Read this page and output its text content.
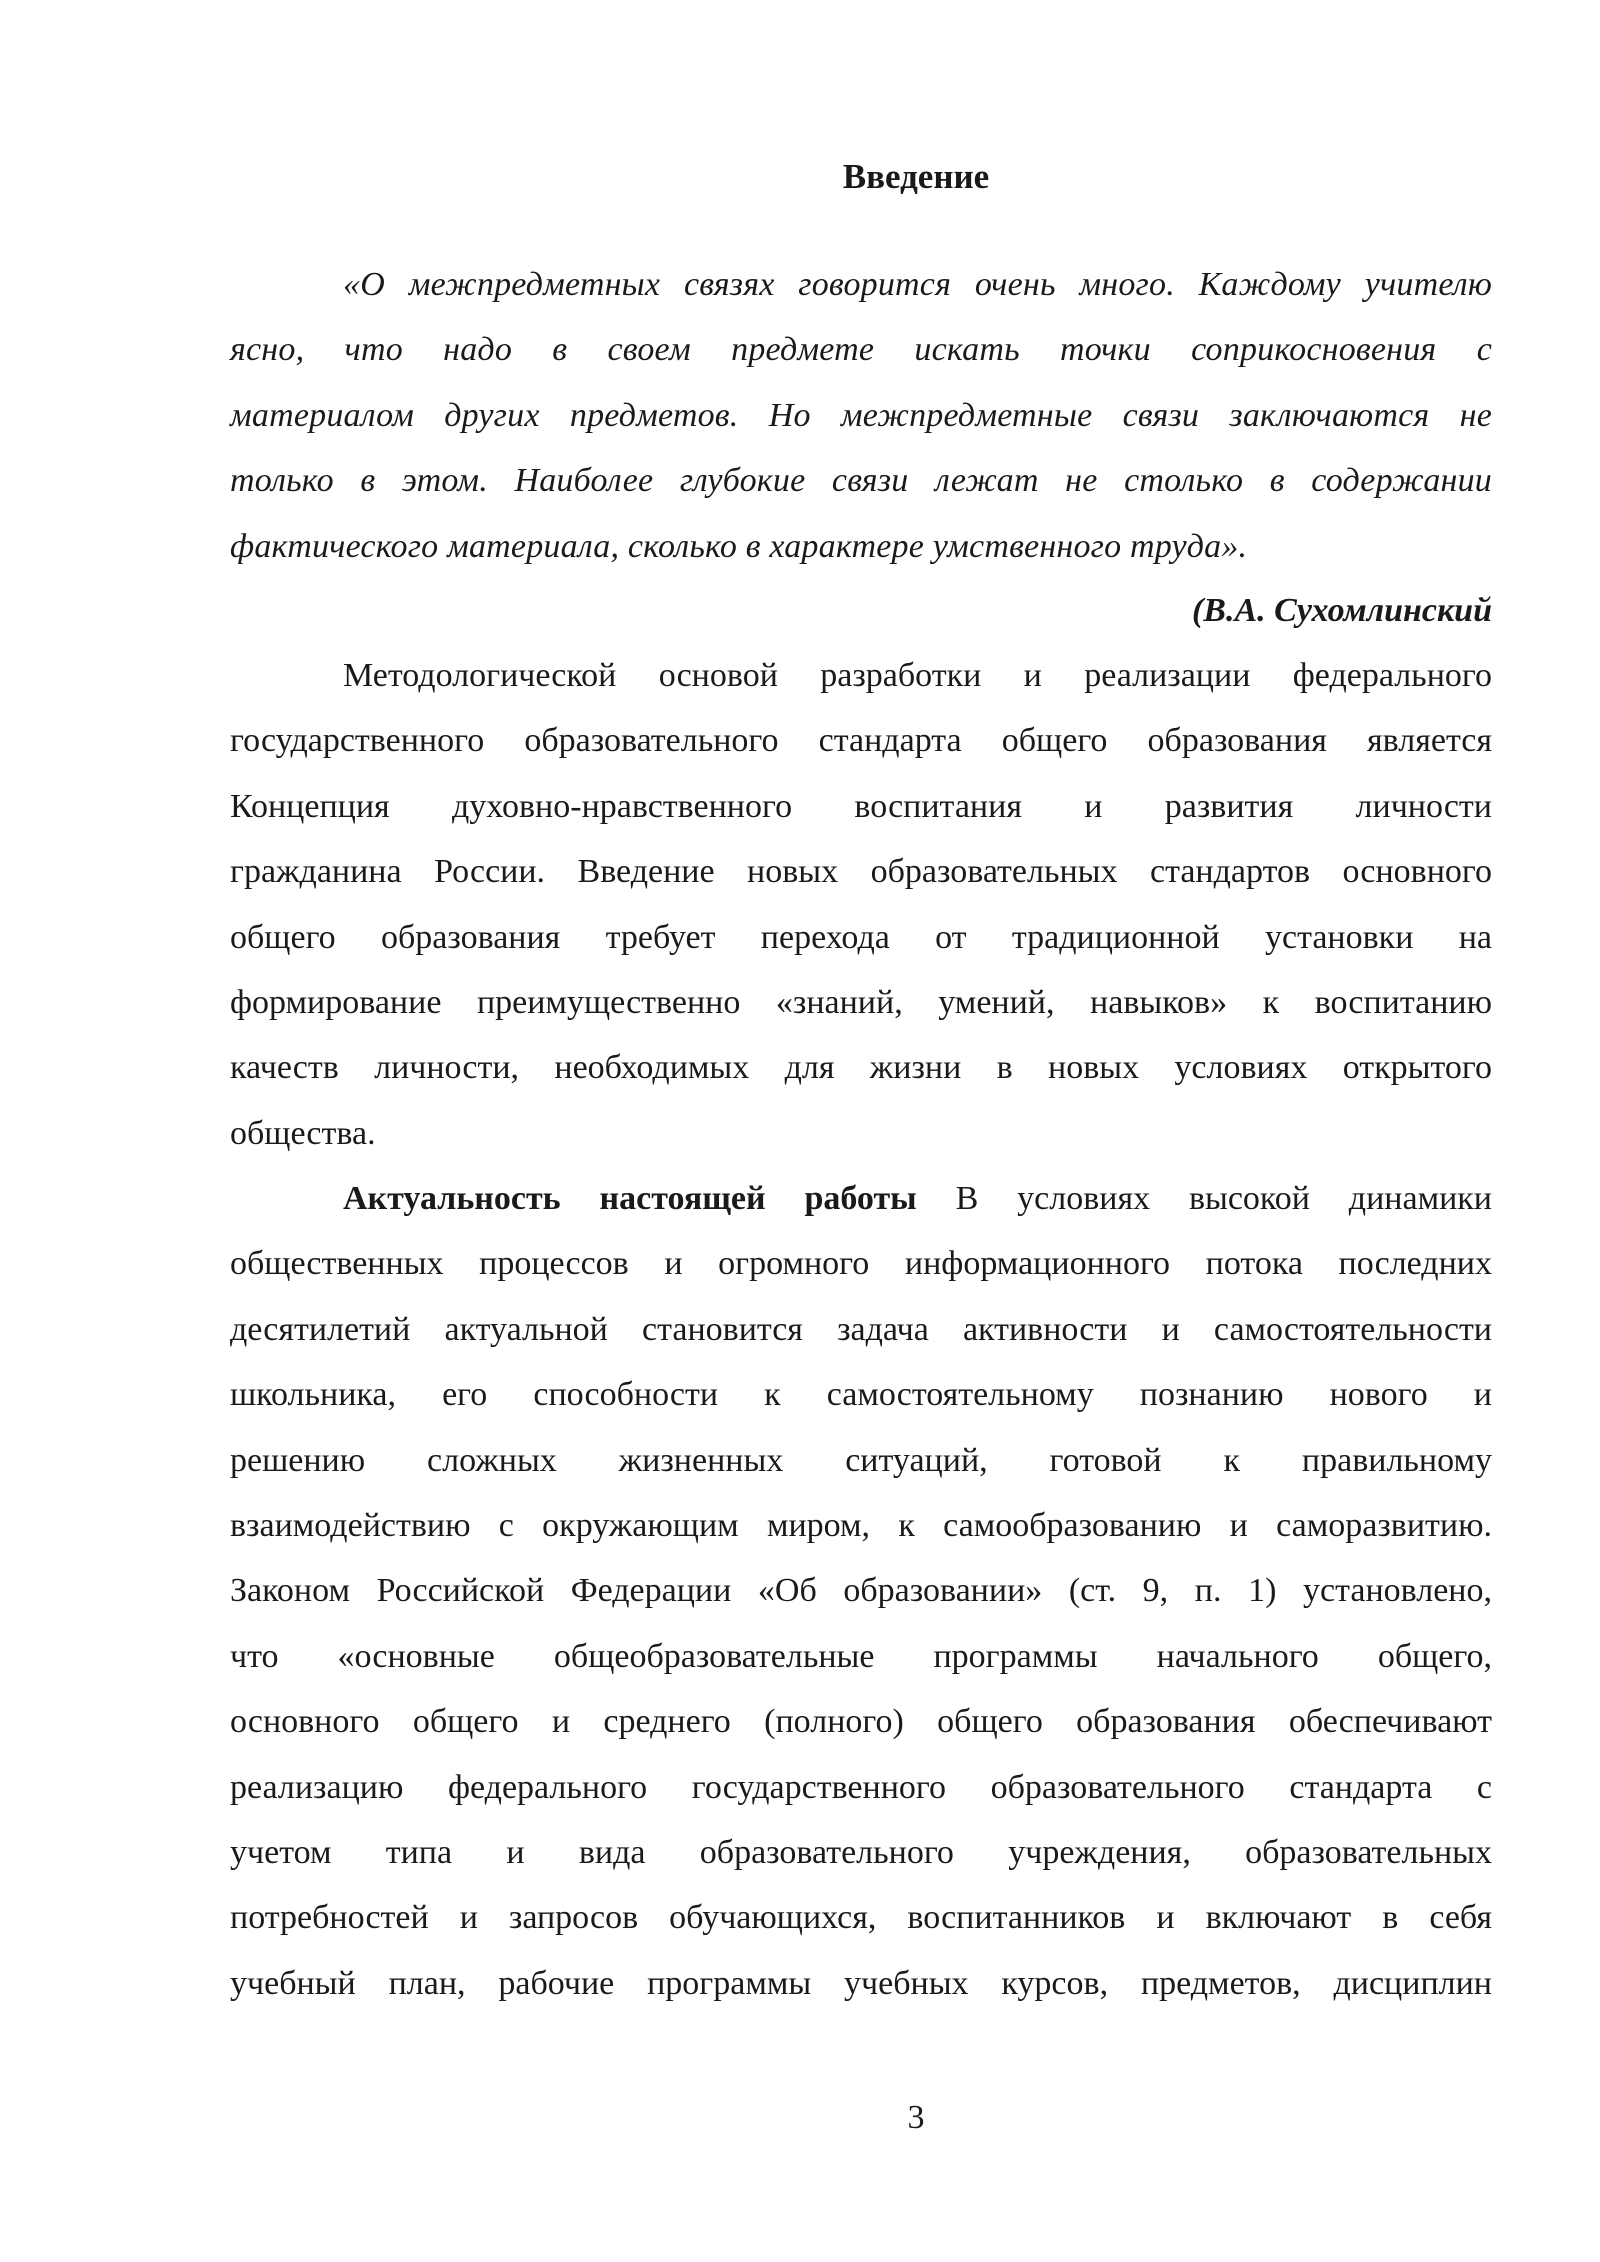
Введение
«О межпредметных связях говорится очень много. Каждому учителю
ясно, что надо в своем предмете искать точки соприкосновения с
материалом других предметов. Но межпредметные связи заключаются не
только в этом. Наиболее глубокие связи лежат не столько в содержании
фактического материала, сколько в характере умственного труда».
(В.А. Сухомлинский
Методологической основой разработки и реализации федерального
государственного образовательного стандарта общего образования является
Концепция духовно-нравственного воспитания и развития личности
гражданина России. Введение новых образовательных стандартов основного
общего образования требует перехода от традиционной установки на
формирование преимущественно «знаний, умений, навыков» к воспитанию
качеств личности, необходимых для жизни в новых условиях открытого
общества.
Актуальность настоящей работы В условиях высокой динамики
общественных процессов и огромного информационного потока последних
десятилетий актуальной становится задача активности и самостоятельности
школьника, его способности к самостоятельному познанию нового и
решению сложных жизненных ситуаций, готовой к правильному
взаимодействию с окружающим миром, к самообразованию и саморазвитию.
Законом Российской Федерации «Об образовании» (ст. 9, п. 1) установлено,
что «основные общеобразовательные программы начального общего,
основного общего и среднего (полного) общего образования обеспечивают
реализацию федерального государственного образовательного стандарта с
учетом типа и вида образовательного учреждения, образовательных
потребностей и запросов обучающихся, воспитанников и включают в себя
учебный план, рабочие программы учебных курсов, предметов, дисциплин
3
